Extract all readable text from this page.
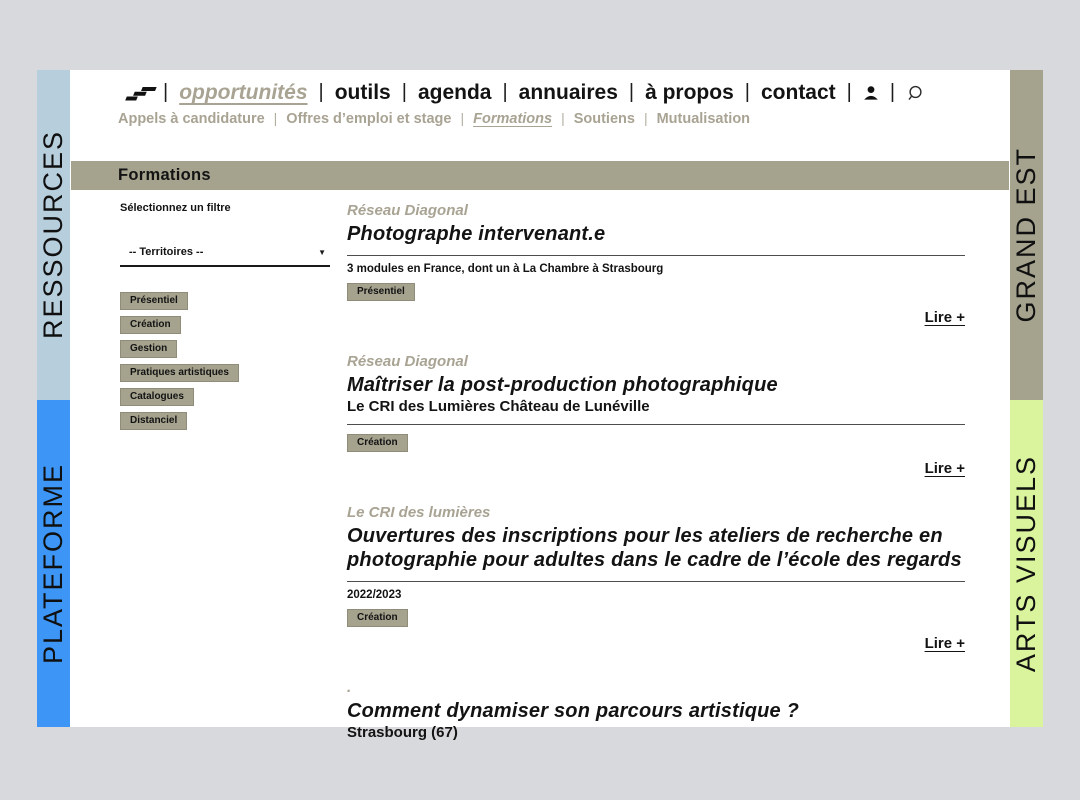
RESSOURCES
PLATEFORME
GRAND EST
ARTS VISUELS
| opportunités | outils | agenda | annuaires | à propos | contact | |
Appels à candidature | Offres d’emploi et stage | Formations | Soutiens | Mutualisation
Formations
Sélectionnez un filtre
-- Territoires --	▼
Présentiel
Création
Gestion
Pratiques artistiques
Catalogues
Distanciel
Réseau Diagonal
Photographe intervenant.e
3 modules en France, dont un à La Chambre à Strasbourg
Présentiel
Lire +
Réseau Diagonal
Maîtriser la post-production photographique
Le CRI des Lumières Château de Lunéville
Création
Lire +
Le CRI des lumières
Ouvertures des inscriptions pour les ateliers de recherche en photographie pour adultes dans le cadre de l’école des regards
2022/2023
Création
Lire +
.
Comment dynamiser son parcours artistique ?
Strasbourg (67)
